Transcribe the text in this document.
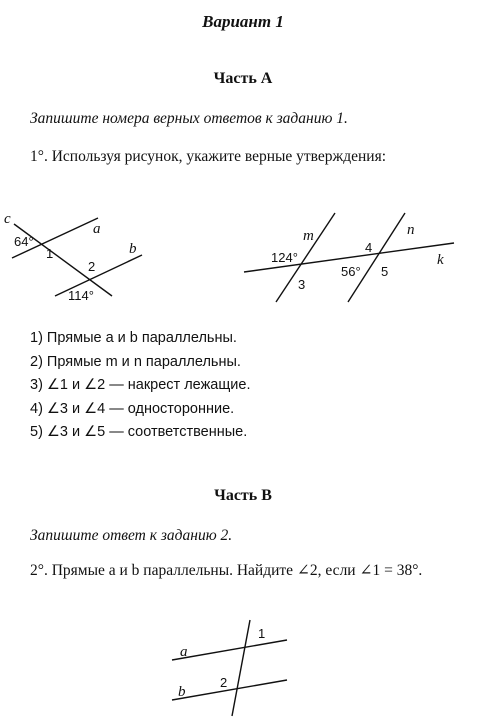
Вариант 1
Часть А
Запишите номера верных ответов к заданию 1.
1°. Используя рисунок, укажите верные утверждения:
c
a
b
64°
1
2
114°
m	n
k
124°
4
3
56° 5
a
b
1
2
1) Прямые a и b параллельны.
2) Прямые m и n параллельны.
3) ∠1 и ∠2 — накрест лежащие.
4) ∠3 и ∠4 — односторонние.
5) ∠3 и ∠5 — соответственные.
Часть В
Запишите ответ к заданию 2.
2°. Прямые a и b параллельны. Найдите ∠2, если ∠1 = 38°.
